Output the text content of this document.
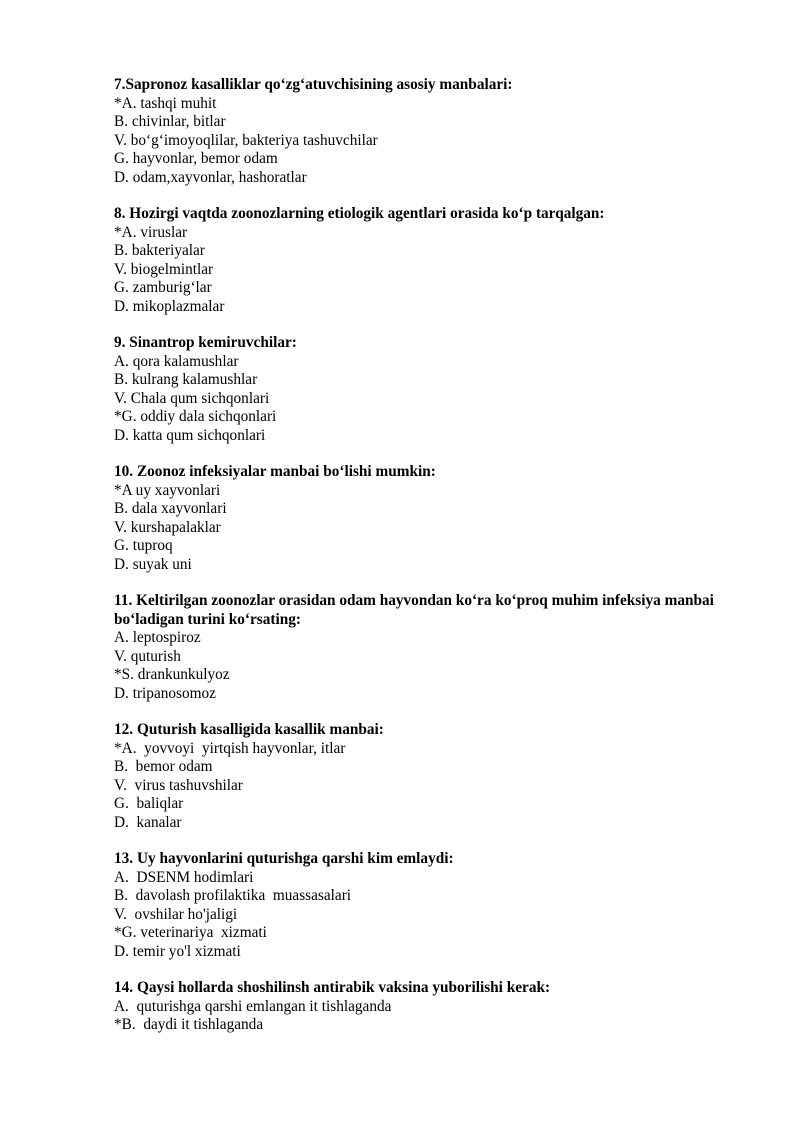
7.Sapronoz kasalliklar qo‘zg‘atuvchisining asosiy manbalari:
*A. tashqi muhit
B. chivinlar, bitlar
V. bo‘g‘imoyoqlilar, bakteriya tashuvchilar
G. hayvonlar, bemor odam
D. odam,xayvonlar, hashoratlar
8. Hozirgi vaqtda zoonozlarning etiologik agentlari orasida ko‘p tarqalgan:
*A. viruslar
B. bakteriyalar
V. biogelmintlar
G. zamburig‘lar
D. mikoplazmalar
9. Sinantrop kemiruvchilar:
A. qora kalamushlar
B. kulrang kalamushlar
V. Chala qum sichqonlari
*G. oddiy dala sichqonlari
D. katta qum sichqonlari
10. Zoonoz infeksiyalar manbai bo‘lishi mumkin:
*A uy xayvonlari
B. dala xayvonlari
V. kurshapalaklar
G. tuproq
D. suyak uni
11. Keltirilgan zoonozlar orasidan odam hayvondan ko‘ra ko‘proq muhim infeksiya manbai bo‘ladigan turini ko‘rsating:
A. leptospiroz
V. quturish
*S. drankunkulyoz
D. tripanosomoz
12. Quturish kasalligida kasallik manbai:
*A.  yovvoyi  yirtqish hayvonlar, itlar
B.  bemor odam
V.  virus tashuvshilar
G.  baliqlar
D.  kanalar
13. Uy hayvonlarini quturishga qarshi kim emlaydi:
A.  DSENM hodimlari
B.  davolash profilaktika  muassasalari
V.  ovshilar ho'jaligi
*G. veterinariya  xizmati
D. temir yo'l xizmati
14. Qaysi hollarda shoshilinsh antirabik vaksina yuborilishi kerak:
A.  quturishga qarshi emlangan it tishlaganda
*B.  daydi it tishlaganda
